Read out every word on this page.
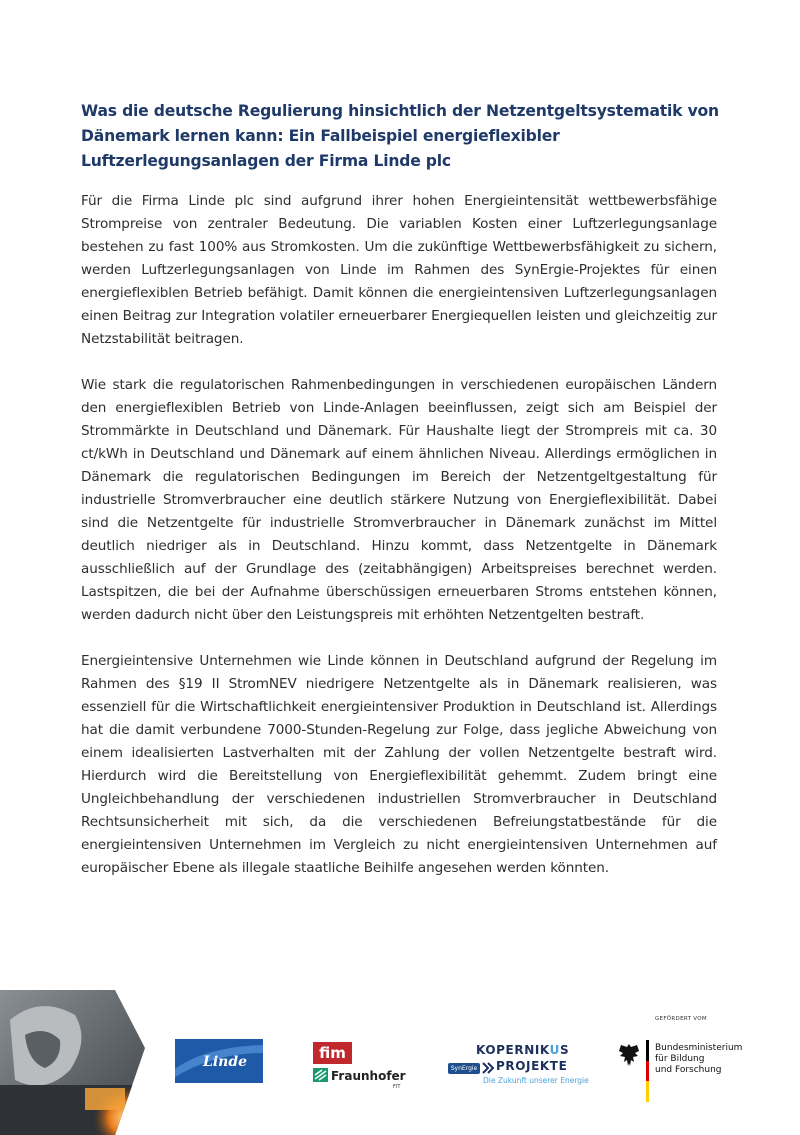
Was die deutsche Regulierung hinsichtlich der Netzentgeltsystematik von Dänemark lernen kann: Ein Fallbeispiel energieflexibler Luftzerlegungsanlagen der Firma Linde plc

Für die Firma Linde plc sind aufgrund ihrer hohen Energieintensität wettbewerbsfähige Strompreise von zentraler Bedeutung. Die variablen Kosten einer Luftzerlegungsanlage bestehen zu fast 100% aus Stromkosten. Um die zukünftige Wettbewerbsfähigkeit zu sichern, werden Luftzerlegungsanlagen von Linde im Rahmen des SynErgie-Projektes für einen energieflexiblen Betrieb befähigt. Damit können die energieintensiven Luftzerlegungsanlagen einen Beitrag zur Integration volatiler erneuerbarer Energiequellen leisten und gleichzeitig zur Netzstabilität beitragen.

Wie stark die regulatorischen Rahmenbedingungen in verschiedenen europäischen Ländern den energieflexiblen Betrieb von Linde-Anlagen beeinflussen, zeigt sich am Beispiel der Strommärkte in Deutschland und Dänemark. Für Haushalte liegt der Strompreis mit ca. 30 ct/kWh in Deutschland und Dänemark auf einem ähnlichen Niveau. Allerdings ermöglichen in Dänemark die regulatorischen Bedingungen im Bereich der Netzentgeltgestaltung für industrielle Stromverbraucher eine deutlich stärkere Nutzung von Energieflexibilität. Dabei sind die Netzentgelte für industrielle Stromverbraucher in Dänemark zunächst im Mittel deutlich niedriger als in Deutschland. Hinzu kommt, dass Netzentgelte in Dänemark ausschließlich auf der Grundlage des (zeitabhängigen) Arbeitspreises berechnet werden. Lastspitzen, die bei der Aufnahme überschüssigen erneuerbaren Stroms entstehen können, werden dadurch nicht über den Leistungspreis mit erhöhten Netzentgelten bestraft.

Energieintensive Unternehmen wie Linde können in Deutschland aufgrund der Regelung im Rahmen des §19 II StromNEV niedrigere Netzentgelte als in Dänemark realisieren, was essenziell für die Wirtschaftlichkeit energieintensiver Produktion in Deutschland ist. Allerdings hat die damit verbundene 7000-Stunden-Regelung zur Folge, dass jegliche Abweichung von einem idealisierten Lastverhalten mit der Zahlung der vollen Netzentgelte bestraft wird. Hierdurch wird die Bereitstellung von Energieflexibilität gehemmt. Zudem bringt eine Ungleichbehandlung der verschiedenen industriellen Stromverbraucher in Deutschland Rechtsunsicherheit mit sich, da die verschiedenen Befreiungstatbestände für die energieintensiven Unternehmen im Vergleich zu nicht energieintensiven Unternehmen auf europäischer Ebene als illegale staatliche Beihilfe angesehen werden könnten.

Linde	fim
Fraunhofer
FIT
KOPERNIKUS
SynErgie PROJEKTE
Die Zukunft unserer Energie
GEFÖRDERT VOM
Bundesministerium
für Bildung
und Forschung
